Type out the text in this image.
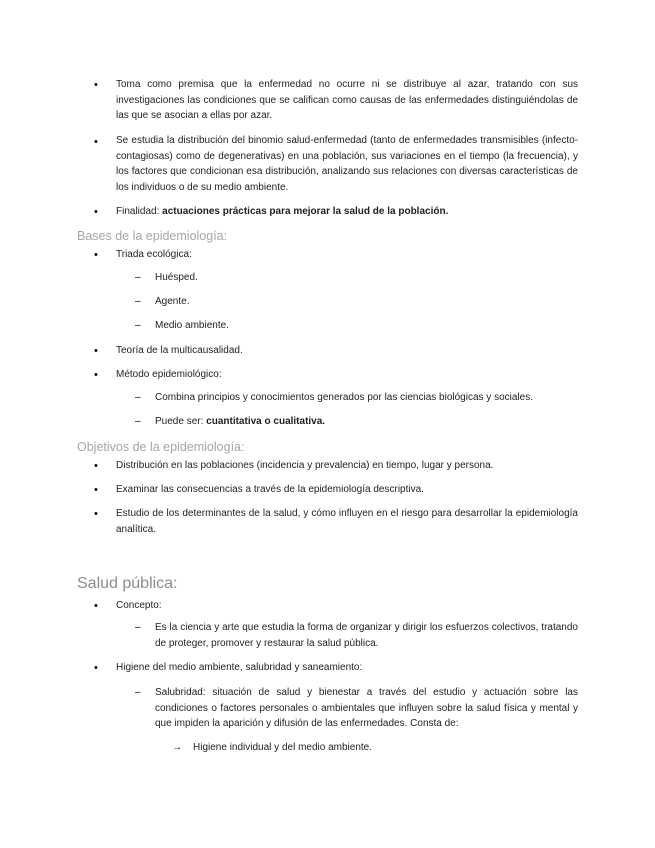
• Toma como premisa que la enfermedad no ocurre ni se distribuye al azar, tratando con sus investigaciones las condiciones que se califican como causas de las enfermedades distinguiéndolas de las que se asocian a ellas por azar.
• Se estudia la distribución del binomio salud-enfermedad (tanto de enfermedades transmisibles (infecto-contagiosas) como de degenerativas) en una población, sus variaciones en el tiempo (la frecuencia), y los factores que condicionan esa distribución, analizando sus relaciones con diversas características de los individuos o de su medio ambiente.
• Finalidad: actuaciones prácticas para mejorar la salud de la población.
Bases de la epidemiología:
• Triada ecológica:
– Huésped.
– Agente.
– Medio ambiente.
• Teoría de la multicausalidad.
• Método epidemiológico:
– Combina principios y conocimientos generados por las ciencias biológicas y sociales.
– Puede ser: cuantitativa o cualitativa.
Objetivos de la epidemiología:
• Distribución en las poblaciones (incidencia y prevalencia) en tiempo, lugar y persona.
• Examinar las consecuencias a través de la epidemiología descriptiva.
• Estudio de los determinantes de la salud, y cómo influyen en el riesgo para desarrollar la epidemiología analítica.
Salud pública:
• Concepto:
– Es la ciencia y arte que estudia la forma de organizar y dirigir los esfuerzos colectivos, tratando de proteger, promover y restaurar la salud pública.
• Higiene del medio ambiente, salubridad y saneamiento:
– Salubridad: situación de salud y bienestar a través del estudio y actuación sobre las condiciones o factores personales o ambientales que influyen sobre la salud física y mental y que impiden la aparición y difusión de las enfermedades. Consta de:
→ Higiene individual y del medio ambiente.
